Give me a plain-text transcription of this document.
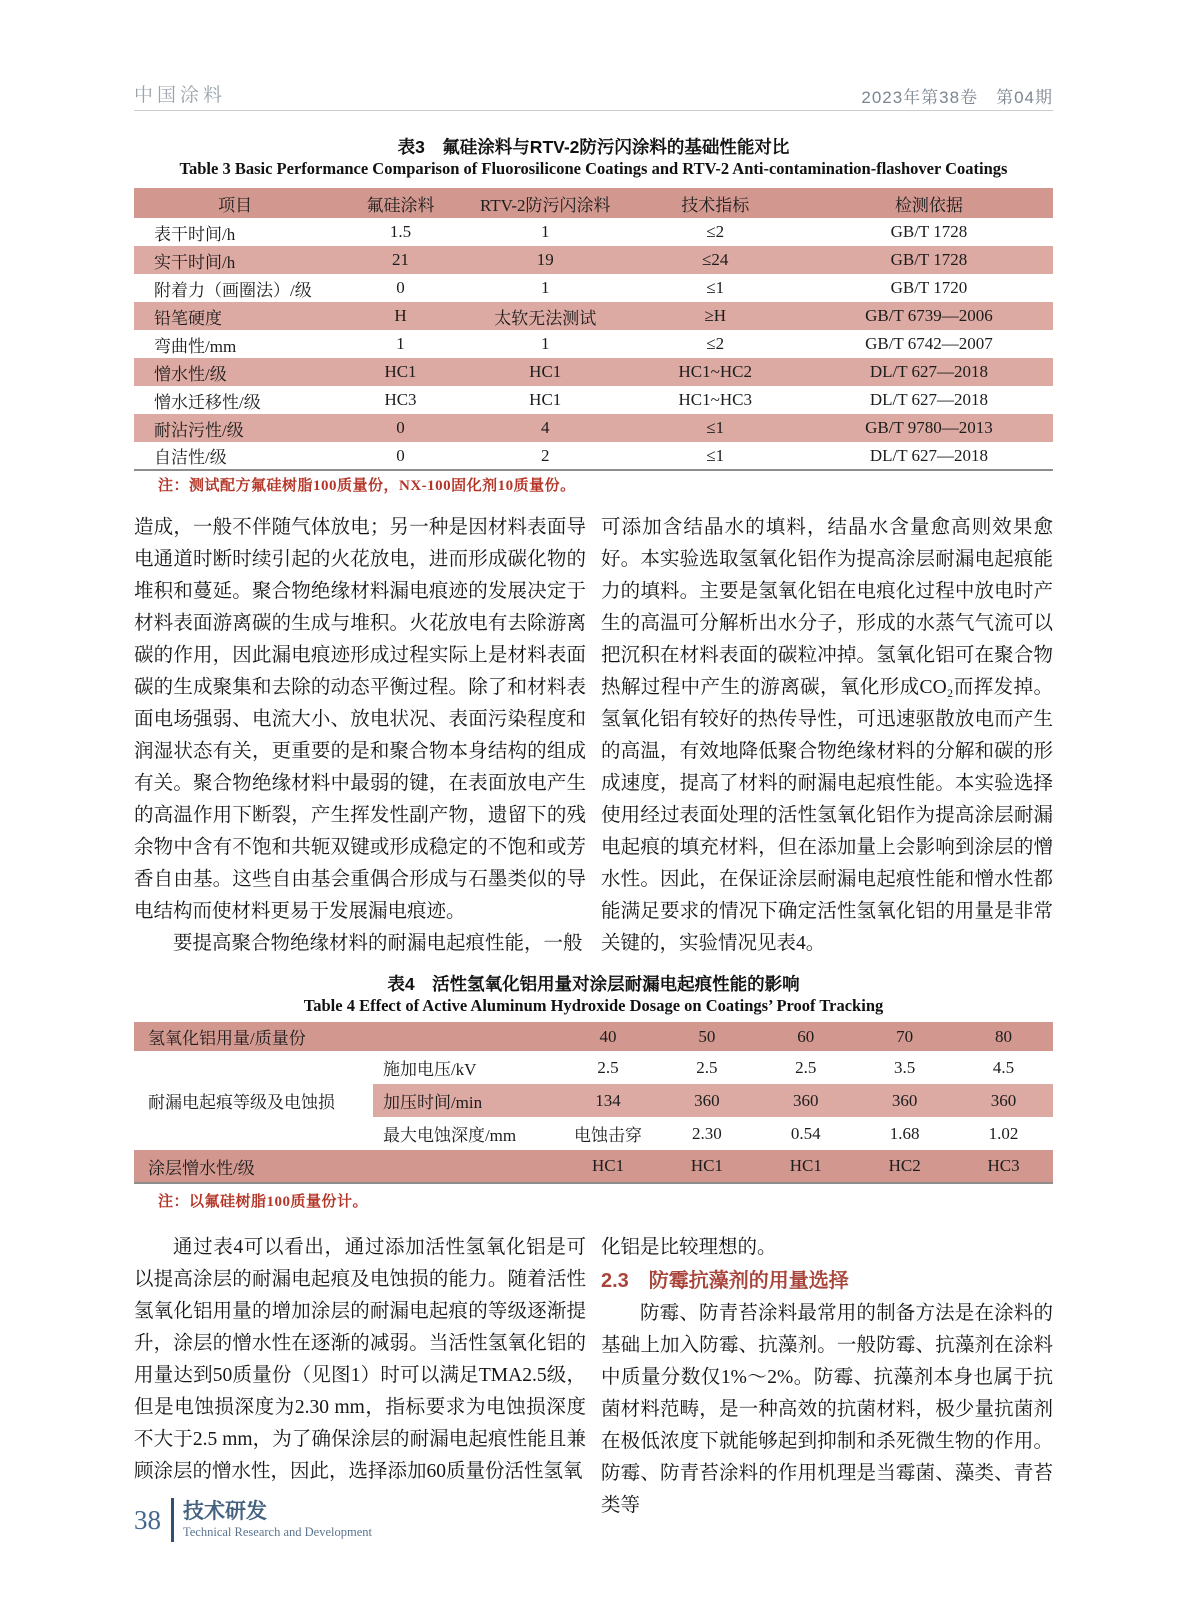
中国涂料	2023年第38卷　第04期
表3　氟硅涂料与RTV-2防污闪涂料的基础性能对比
Table 3 Basic Performance Comparison of Fluorosilicone Coatings and RTV-2 Anti-contamination-flashover Coatings
项目	氟硅涂料	RTV-2防污闪涂料	技术指标	检测依据
表干时间/h	1.5	1	≤2	GB/T 1728
实干时间/h	21	19	≤24	GB/T 1728
附着力（画圈法）/级	0	1	≤1	GB/T 1720
铅笔硬度	H	太软无法测试	≥H	GB/T 6739—2006
弯曲性/mm	1	1	≤2	GB/T 6742—2007
憎水性/级	HC1	HC1	HC1~HC2	DL/T 627—2018
憎水迁移性/级	HC3	HC1	HC1~HC3	DL/T 627—2018
耐沾污性/级	0	4	≤1	GB/T 9780—2013
自洁性/级	0	2	≤1	DL/T 627—2018
注：测试配方氟硅树脂100质量份，NX-100固化剂10质量份。

造成，一般不伴随气体放电；另一种是因材料表面导电通道时断时续引起的火花放电，进而形成碳化物的堆积和蔓延。聚合物绝缘材料漏电痕迹的发展决定于材料表面游离碳的生成与堆积。火花放电有去除游离碳的作用，因此漏电痕迹形成过程实际上是材料表面碳的生成聚集和去除的动态平衡过程。除了和材料表面电场强弱、电流大小、放电状况、表面污染程度和润湿状态有关，更重要的是和聚合物本身结构的组成有关。聚合物绝缘材料中最弱的键，在表面放电产生的高温作用下断裂，产生挥发性副产物，遗留下的残余物中含有不饱和共轭双键或形成稳定的不饱和或芳香自由基。这些自由基会重偶合形成与石墨类似的导电结构而使材料更易于发展漏电痕迹。

要提高聚合物绝缘材料的耐漏电起痕性能，一般

可添加含结晶水的填料，结晶水含量愈高则效果愈好。本实验选取氢氧化铝作为提高涂层耐漏电起痕能力的填料。主要是氢氧化铝在电痕化过程中放电时产生的高温可分解析出水分子，形成的水蒸气气流可以把沉积在材料表面的碳粒冲掉。氢氧化铝可在聚合物热解过程中产生的游离碳，氧化形成CO₂而挥发掉。氢氧化铝有较好的热传导性，可迅速驱散放电而产生的高温，有效地降低聚合物绝缘材料的分解和碳的形成速度，提高了材料的耐漏电起痕性能。本实验选择使用经过表面处理的活性氢氧化铝作为提高涂层耐漏电起痕的填充材料，但在添加量上会影响到涂层的憎水性。因此，在保证涂层耐漏电起痕性能和憎水性都能满足要求的情况下确定活性氢氧化铝的用量是非常关键的，实验情况见表4。

表4　活性氢氧化铝用量对涂层耐漏电起痕性能的影响
Table 4 Effect of Active Aluminum Hydroxide Dosage on Coatings’ Proof Tracking
氢氧化铝用量/质量份		40	50	60	70	80
耐漏电起痕等级及电蚀损	施加电压/kV	2.5	2.5	2.5	3.5	4.5
	加压时间/min	134	360	360	360	360
	最大电蚀深度/mm	电蚀击穿	2.30	0.54	1.68	1.02
涂层憎水性/级		HC1	HC1	HC1	HC2	HC3
注：以氟硅树脂100质量份计。

通过表4可以看出，通过添加活性氢氧化铝是可以提高涂层的耐漏电起痕及电蚀损的能力。随着活性氢氧化铝用量的增加涂层的耐漏电起痕的等级逐渐提升，涂层的憎水性在逐渐的减弱。当活性氢氧化铝的用量达到50质量份（见图1）时可以满足TMA2.5级，但是电蚀损深度为2.30 mm，指标要求为电蚀损深度不大于2.5 mm，为了确保涂层的耐漏电起痕性能且兼顾涂层的憎水性，因此，选择添加60质量份活性氢氧

化铝是比较理想的。

2.3　防霉抗藻剂的用量选择

防霉、防青苔涂料最常用的制备方法是在涂料的基础上加入防霉、抗藻剂。一般防霉、抗藻剂在涂料中质量分数仅1%～2%。防霉、抗藻剂本身也属于抗菌材料范畴，是一种高效的抗菌材料，极少量抗菌剂在极低浓度下就能够起到抑制和杀死微生物的作用。防霉、防青苔涂料的作用机理是当霉菌、藻类、青苔类等

38 技术研发
Technical Research and Development
